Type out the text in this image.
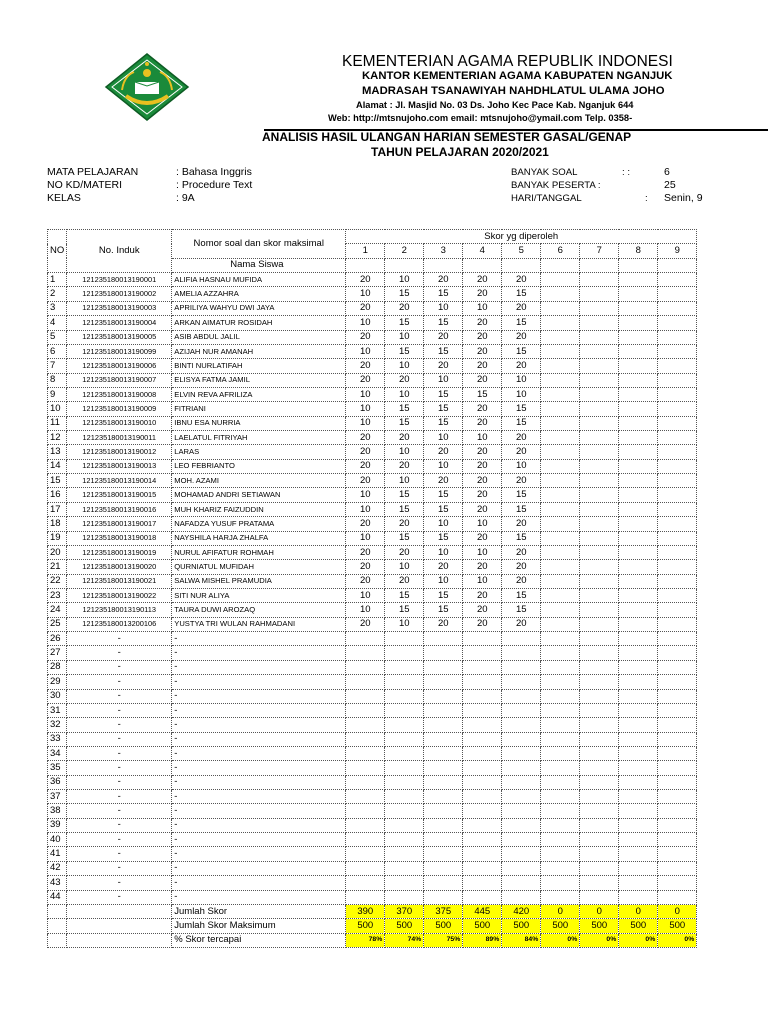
KEMENTERIAN AGAMA REPUBLIK INDONESI
KANTOR KEMENTERIAN AGAMA KABUPATEN NGANJUK
MADRASAH TSANAWIYAH NAHDHLATUL ULAMA JOHO
Alamat : Jl. Masjid No. 03 Ds. Joho Kec Pace Kab. Nganjuk 644
Web: http://mtsnujoho.com email: mtsnujoho@ymail.com Telp. 0358-
ANALISIS HASIL ULANGAN HARIAN SEMESTER GASAL/GENAP
TAHUN PELAJARAN 2020/2021
MATA PELAJARAN	: Bahasa Inggris
NO KD/MATERI	: Procedure Text
KELAS	: 9A
BANYAK SOAL	: :	6
BANYAK PESERTA :	25
HARI/TANGGAL	: Senin, 9
NO	No. Induk	Nomor soal dan skor maksimal	Skor yg diperoleh								
			1	2	3	4	5	6	7	8	9
		Nama Siswa									
1	121235180013190001	ALIFIA HASNAU MUFIDA	20	10	20	20	20				
2	121235180013190002	AMELIA AZZAHRA	10	15	15	20	15				
3	121235180013190003	APRILIYA WAHYU DWI JAYA	20	20	10	10	20				
4	121235180013190004	ARKAN AIMATUR ROSIDAH	10	15	15	20	15				
5	121235180013190005	ASIB ABDUL JALIL	20	10	20	20	20				
6	121235180013190099	AZIJAH NUR AMANAH	10	15	15	20	15				
7	121235180013190006	BINTI NURLATIFAH	20	10	20	20	20				
8	121235180013190007	ELISYA FATMA JAMIL	20	20	10	20	10				
9	121235180013190008	ELVIN REVA AFRILIZA	10	10	15	15	10				
10	121235180013190009	FITRIANI	10	15	15	20	15				
11	121235180013190010	IBNU ESA NURRIA	10	15	15	20	15				
12	121235180013190011	LAELATUL FITRIYAH	20	20	10	10	20				
13	121235180013190012	LARAS	20	10	20	20	20				
14	121235180013190013	LEO FEBRIANTO	20	20	10	20	10				
15	121235180013190014	MOH. AZAMI	20	10	20	20	20				
16	121235180013190015	MOHAMAD ANDRI SETIAWAN	10	15	15	20	15				
17	121235180013190016	MUH KHARIZ FAIZUDDIN	10	15	15	20	15				
18	121235180013190017	NAFADZA YUSUF PRATAMA	20	20	10	10	20				
19	121235180013190018	NAYSHILA HARJA ZHALFA	10	15	15	20	15				
20	121235180013190019	NURUL AFIFATUR ROHMAH	20	20	10	10	20				
21	121235180013190020	QURNIATUL MUFIDAH	20	10	20	20	20				
22	121235180013190021	SALWA MISHEL PRAMUDIA	20	20	10	10	20				
23	121235180013190022	SITI NUR ALIYA	10	15	15	20	15				
24	121235180013190113	TAURA DUWI AROZAQ	10	15	15	20	15				
25	121235180013200106	YUSTYA TRI WULAN RAHMADANI	20	10	20	20	20				
26	-	-									
27	-	-									
28	-	-									
29	-	-									
30	-	-									
31	-	-									
32	-	-									
33	-	-									
34	-	-									
35	-	-									
36	-	-									
37	-	-									
38	-	-									
39	-	-									
40	-	-									
41	-	-									
42	-	-									
43	-	-									
44	-	-									
		Jumlah Skor	390	370	375	445	420	0	0	0	0
		Jumlah Skor Maksimum	500	500	500	500	500	500	500	500	500
		% Skor tercapai	78%	74%	75%	89%	84%	0%	0%	0%	0%
